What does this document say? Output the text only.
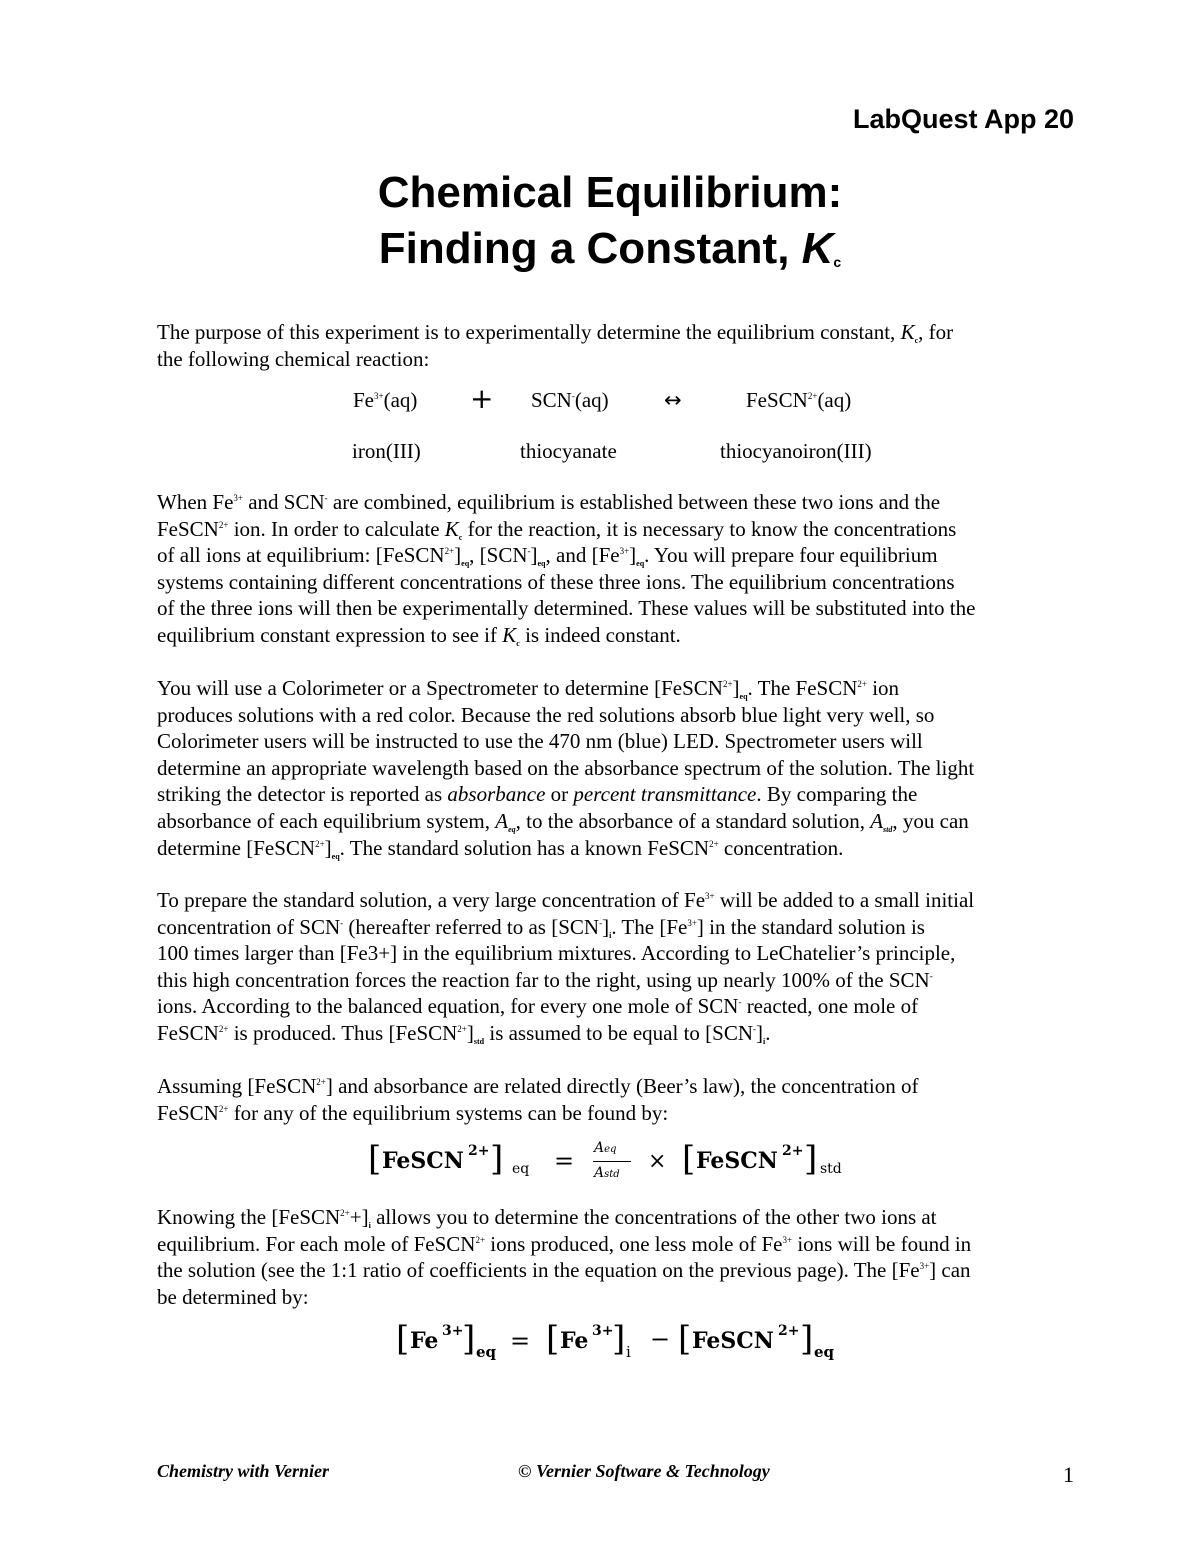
LabQuest App 20
Chemical Equilibrium:
Finding a Constant, Kc

The purpose of this experiment is to experimentally determine the equilibrium constant, $K_c$, for

the following chemical reaction:

$Fe^{3+}(aq) + SCN^-(aq)$	↔	FeSCN$^{2+}$(aq)
iron(III)	thiocyanate	thiocyanoiron(III)

When $Fe^{3+}$ and SCN- are combined, equilibrium is established between these two ions and the

FeSCN$^{2+}$ ion. In order to calculate $K_c$ for the reaction, it is necessary to know the concentrations

of all ions at equilibrium: $[FeSCN^{2+}]_{eq}$, $[SCN^-]_{eq}$, and $[Fe^{3+}]_{eq}$. You will prepare four equilibrium

systems containing different concentrations of these three ions. The equilibrium concentrations

of the three ions will then be experimentally determined. These values will be substituted into the

equilibrium constant expression to see if $K_c$ is indeed constant.

You will use a Colorimeter or a Spectrometer to determine $[FeSCN^{2+}]_{eq}$. The FeSCN$^{2+}$ ion

produces solutions with a red color. Because the red solutions absorb blue light very well, so

Colorimeter users will be instructed to use the 470 nm (blue) LED. Spectrometer users will

determine an appropriate wavelength based on the absorbance spectrum of the solution. The light

striking the detector is reported as absorbance or percent transmittance. By comparing the

absorbance of each equilibrium system, Aeq, to the absorbance of a standard solution, Astd, you can

determine $[FeSCN^{2+}]_{eq}$. The standard solution has a known FeSCN$^{2+}$ concentration.

To prepare the standard solution, a very large concentration of $Fe^{3+}$ will be added to a small initial

concentration of SCN- (hereafter referred to as $[SCN^-]_i$. The $[Fe^{3+}]$ in the standard solution is

100 times larger than [Fe3+] in the equilibrium mixtures. According to LeChatelier’s principle,

this high concentration forces the reaction far to the right, using up nearly 100% of the SCN-

ions. According to the balanced equation, for every one mole of SCN- reacted, one mole of

FeSCN$^{2+}$ is produced. Thus $[FeSCN^{2+}]_{std}$ is assumed to be equal to $[SCN^-]_i$.

Assuming [FeSCN$^{2+}$] and absorbance are related directly (Beer’s law), the concentration of

FeSCN$^{2+}$ for any of the equilibrium systems can be found by:

[ FeSCN 2+ ] eq = Aeq
Astd
× [ FeSCN 2+ ] std

Knowing the $[FeSCN^{2+}+]_i$ allows you to determine the concentrations of the other two ions at

equilibrium. For each mole of FeSCN$^{2+}$ ions produced, one less mole of $Fe^{3+}$ ions will be found in

the solution (see the 1:1 ratio of coefficients in the equation on the previous page). The $[Fe^{3+}]$ can

be determined by:

[ Fe 3+
] eq = [ Fe 3+
] i − [ FeSCN 2+ ] eq
Chemistry with Vernier	© Vernier Software & Technology	1
